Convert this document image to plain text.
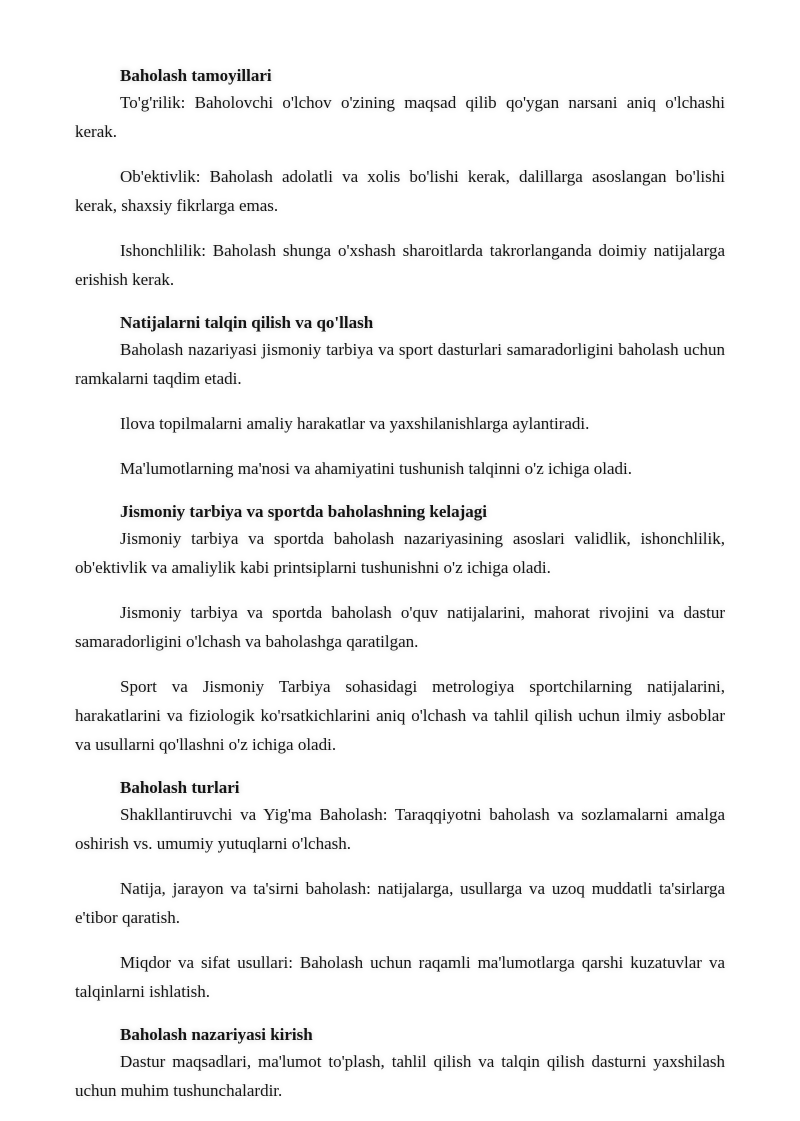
Baholash tamoyillari

To'g'rilik: Baholovchi o'lchov o'zining maqsad qilib qo'ygan narsani aniq o'lchashi kerak.

Ob'ektivlik: Baholash adolatli va xolis bo'lishi kerak, dalillarga asoslangan bo'lishi kerak, shaxsiy fikrlarga emas.

Ishonchlilik: Baholash shunga o'xshash sharoitlarda takrorlanganda doimiy natijalarga erishish kerak.

Natijalarni talqin qilish va qo'llash

Baholash nazariyasi jismoniy tarbiya va sport dasturlari samaradorligini baholash uchun ramkalarni taqdim etadi.

Ilova topilmalarni amaliy harakatlar va yaxshilanishlarga aylantiradi.

Ma'lumotlarning ma'nosi va ahamiyatini tushunish talqinni o'z ichiga oladi.

Jismoniy tarbiya va sportda baholashning kelajagi

Jismoniy tarbiya va sportda baholash nazariyasining asoslari validlik, ishonchlilik, ob'ektivlik va amaliylik kabi printsiplarni tushunishni o'z ichiga oladi.

Jismoniy tarbiya va sportda baholash o'quv natijalarini, mahorat rivojini va dastur samaradorligini o'lchash va baholashga qaratilgan.

Sport va Jismoniy Tarbiya sohasidagi metrologiya sportchilarning natijalarini, harakatlarini va fiziologik ko'rsatkichlarini aniq o'lchash va tahlil qilish uchun ilmiy asboblar va usullarni qo'llashni o'z ichiga oladi.

Baholash turlari

Shakllantiruvchi va Yig'ma Baholash: Taraqqiyotni baholash va sozlamalarni amalga oshirish vs. umumiy yutuqlarni o'lchash.

Natija, jarayon va ta'sirni baholash: natijalarga, usullarga va uzoq muddatli ta'sirlarga e'tibor qaratish.

Miqdor va sifat usullari: Baholash uchun raqamli ma'lumotlarga qarshi kuzatuvlar va talqinlarni ishlatish.

Baholash nazariyasi kirish

Dastur maqsadlari, ma'lumot to'plash, tahlil qilish va talqin qilish dasturni yaxshilash uchun muhim tushunchalardir.
